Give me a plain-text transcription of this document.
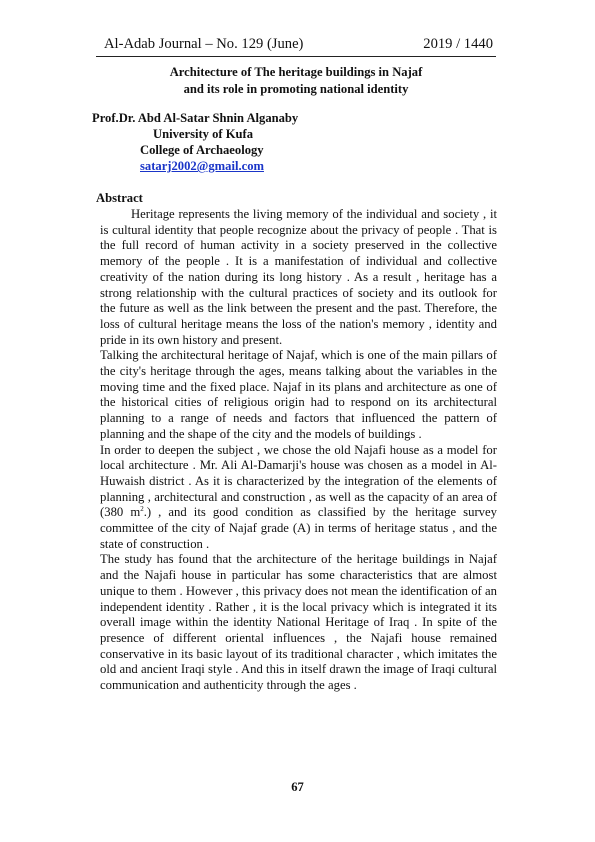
Al-Adab Journal – No. 129 (June)	2019 / 1440
Architecture of The heritage buildings in Najaf
and its role in promoting national identity
Prof.Dr. Abd Al-Satar Shnin Alganaby
University of Kufa
College of Archaeology
satarj2002@gmail.com
Abstract

Heritage represents the living memory of the individual and society , it is cultural identity that people recognize about the privacy of people . That is the full record of human activity in a society preserved in the collective memory of the people . It is a manifestation of individual and collective creativity of the nation during its long history . As a result , heritage has a strong relationship with the cultural practices of society and its outlook for the future as well as the link between the present and the past. Therefore, the loss of cultural heritage means the loss of the nation's memory , identity and pride in its own history and present.

Talking the architectural heritage of Najaf, which is one of the main pillars of the city's heritage through the ages, means talking about the variables in the moving time and the fixed place. Najaf in its plans and architecture as one of the historical cities of religious origin had to respond on its architectural planning to a range of needs and factors that influenced the pattern of planning and the shape of the city and the models of buildings .

In order to deepen the subject , we chose the old Najafi house as a model for local architecture . Mr. Ali Al-Damarji's house was chosen as a model in Al-Huwaish district . As it is characterized by the integration of the elements of planning , architectural and construction , as well as the capacity of an area of (380 $m^2$.) , and its good condition as classified by the heritage survey committee of the city of Najaf grade (A) in terms of heritage status , and the state of construction .

The study has found that the architecture of the heritage buildings in Najaf and the Najafi house in particular has some characteristics that are almost unique to them . However , this privacy does not mean the identification of an independent identity . Rather , it is the local privacy which is integrated it its overall image within the identity National Heritage of Iraq . In spite of the presence of different oriental influences , the Najafi house remained conservative in its basic layout of its traditional character , which imitates the old and ancient Iraqi style . And this in itself drawn the image of Iraqi cultural communication and authenticity through the ages .

67
